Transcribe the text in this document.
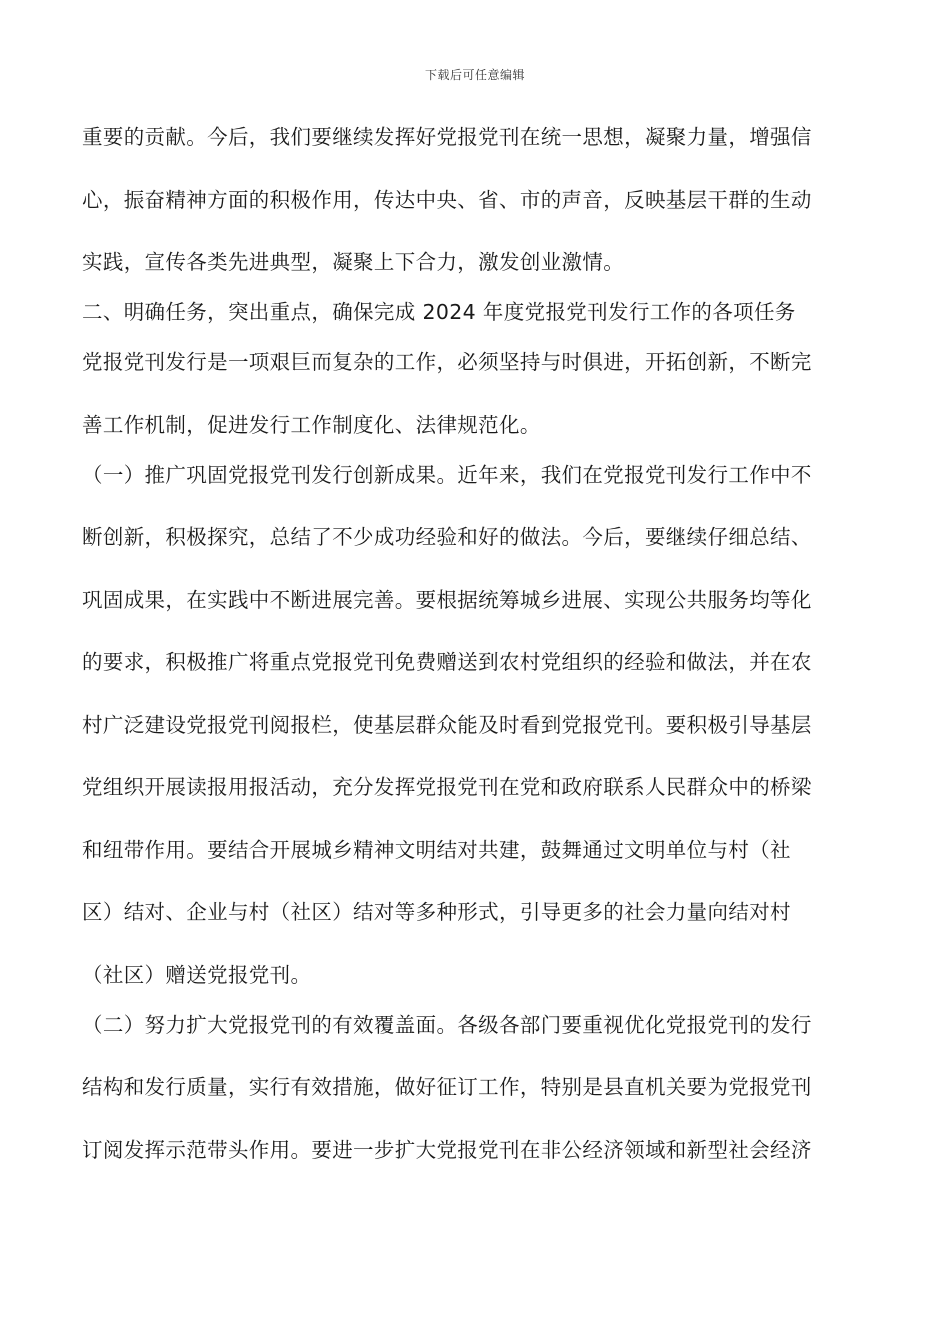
下载后可任意编辑
重要的贡献。今后，我们要继续发挥好党报党刊在统一思想，凝聚力量，增强信
心，振奋精神方面的积极作用，传达中央、省、市的声音，反映基层干群的生动
实践，宣传各类先进典型，凝聚上下合力，激发创业激情。
二、明确任务，突出重点，确保完成 2024 年度党报党刊发行工作的各项任务
党报党刊发行是一项艰巨而复杂的工作，必须坚持与时俱进，开拓创新，不断完
善工作机制，促进发行工作制度化、法律规范化。
（一）推广巩固党报党刊发行创新成果。近年来，我们在党报党刊发行工作中不
断创新，积极探究，总结了不少成功经验和好的做法。今后，要继续仔细总结、
巩固成果，在实践中不断进展完善。要根据统筹城乡进展、实现公共服务均等化
的要求，积极推广将重点党报党刊免费赠送到农村党组织的经验和做法，并在农
村广泛建设党报党刊阅报栏，使基层群众能及时看到党报党刊。要积极引导基层
党组织开展读报用报活动，充分发挥党报党刊在党和政府联系人民群众中的桥梁
和纽带作用。要结合开展城乡精神文明结对共建，鼓舞通过文明单位与村（社
区）结对、企业与村（社区）结对等多种形式，引导更多的社会力量向结对村
（社区）赠送党报党刊。
（二）努力扩大党报党刊的有效覆盖面。各级各部门要重视优化党报党刊的发行
结构和发行质量，实行有效措施，做好征订工作，特别是县直机关要为党报党刊
订阅发挥示范带头作用。要进一步扩大党报党刊在非公经济领域和新型社会经济
